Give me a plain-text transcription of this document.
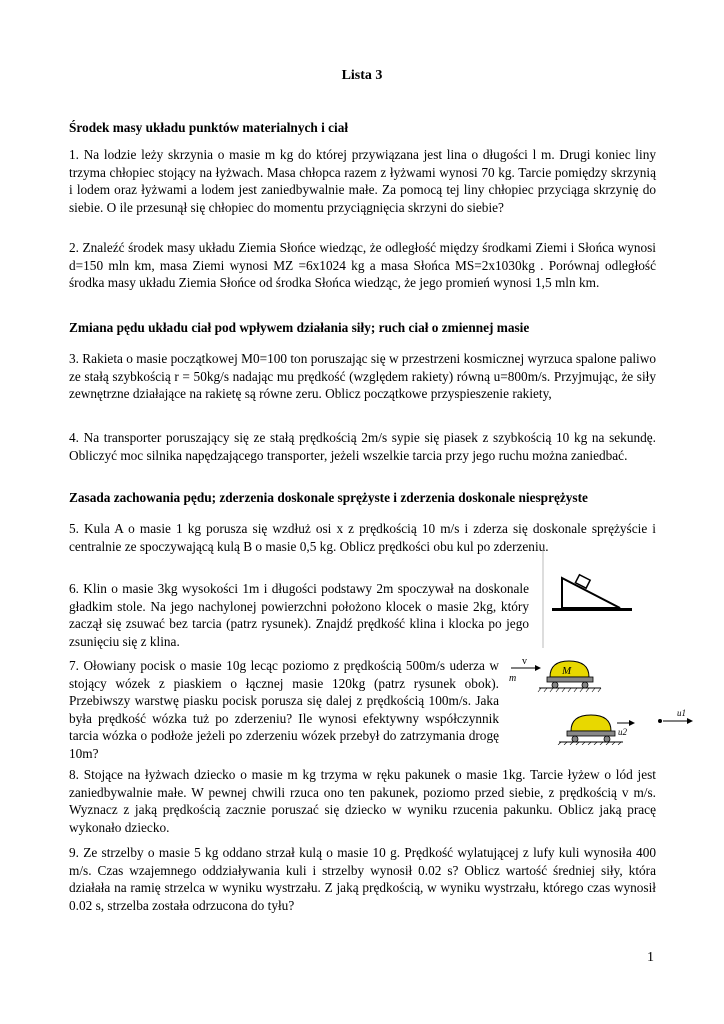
Lista 3
Środek masy układu punktów materialnych i ciał
1. Na lodzie leży skrzynia o masie m kg do której przywiązana jest lina o długości l m. Drugi koniec liny trzyma chłopiec stojący na łyżwach. Masa chłopca razem z łyżwami wynosi 70 kg. Tarcie pomiędzy skrzynią i lodem oraz łyżwami a lodem jest zaniedbywalnie małe. Za pomocą tej liny chłopiec przyciąga skrzynię do siebie. O ile przesunął się chłopiec do momentu przyciągnięcia skrzyni do siebie?
2. Znaleźć środek masy układu Ziemia Słońce wiedząc, że odległość między środkami Ziemi i Słońca wynosi d=150 mln km, masa Ziemi wynosi MZ =6x1024 kg a masa Słońca MS=2x1030kg . Porównaj odległość środka masy układu Ziemia Słońce od środka Słońca wiedząc, że jego promień wynosi 1,5 mln km.
Zmiana pędu układu ciał pod wpływem działania siły; ruch ciał o zmiennej masie
3. Rakieta o masie początkowej M0=100 ton poruszając się w przestrzeni kosmicznej wyrzuca spalone paliwo ze stałą szybkością r = 50kg/s nadając mu prędkość (względem rakiety) równą u=800m/s. Przyjmując, że siły zewnętrzne działające na rakietę są równe zeru. Oblicz początkowe przyspieszenie rakiety,
4. Na transporter poruszający się ze stałą prędkością 2m/s sypie się piasek z szybkością 10 kg na sekundę. Obliczyć moc silnika napędzającego transporter, jeżeli wszelkie tarcia przy jego ruchu można zaniedbać.
Zasada zachowania pędu; zderzenia doskonale sprężyste i zderzenia doskonale niesprężyste
5. Kula A o masie 1 kg porusza się wzdłuż osi x z prędkością 10 m/s i zderza się doskonale sprężyście i centralnie ze spoczywającą kulą B o masie 0,5 kg. Oblicz prędkości obu kul po zderzeniu.
6. Klin o masie 3kg wysokości 1m i długości podstawy 2m spoczywał na doskonale gładkim stole. Na jego nachylonej powierzchni położono klocek o masie 2kg, który zaczął się zsuwać bez tarcia (patrz rysunek). Znajdź prędkość klina i klocka po jego zsunięciu się z klina.
7. Ołowiany pocisk o masie 10g lecąc poziomo z prędkością 500m/s uderza w stojący wózek z piaskiem o łącznej masie 120kg (patrz rysunek obok). Przebiwszy warstwę piasku pocisk porusza się dalej z prędkością 100m/s. Jaka była prędkość wózka tuż po zderzeniu? Ile wynosi efektywny współczynnik tarcia wózka o podłoże jeżeli po zderzeniu wózek przebył do zatrzymania drogę 10m?
8. Stojące na łyżwach dziecko o masie m kg trzyma w ręku pakunek o masie 1kg. Tarcie łyżew o lód jest zaniedbywalnie małe. W pewnej chwili rzuca ono ten pakunek, poziomo przed siebie, z prędkością v m/s. Wyznacz z jaką prędkością zacznie poruszać się dziecko w wyniku rzucenia pakunku. Oblicz jaką pracę wykonało dziecko.
9. Ze strzelby o masie 5 kg oddano strzał kulą o masie 10 g. Prędkość wylatującej z lufy kuli wynosiła 400 m/s. Czas wzajemnego oddziaływania kuli i strzelby wynosił 0.02 s? Oblicz wartość średniej siły, która działała na ramię strzelca w wyniku wystrzału. Z jaką prędkością, w wyniku wystrzału, którego czas wynosił 0.02 s, strzelba została odrzucona do tyłu?
v
m
M
u2
u1
1
